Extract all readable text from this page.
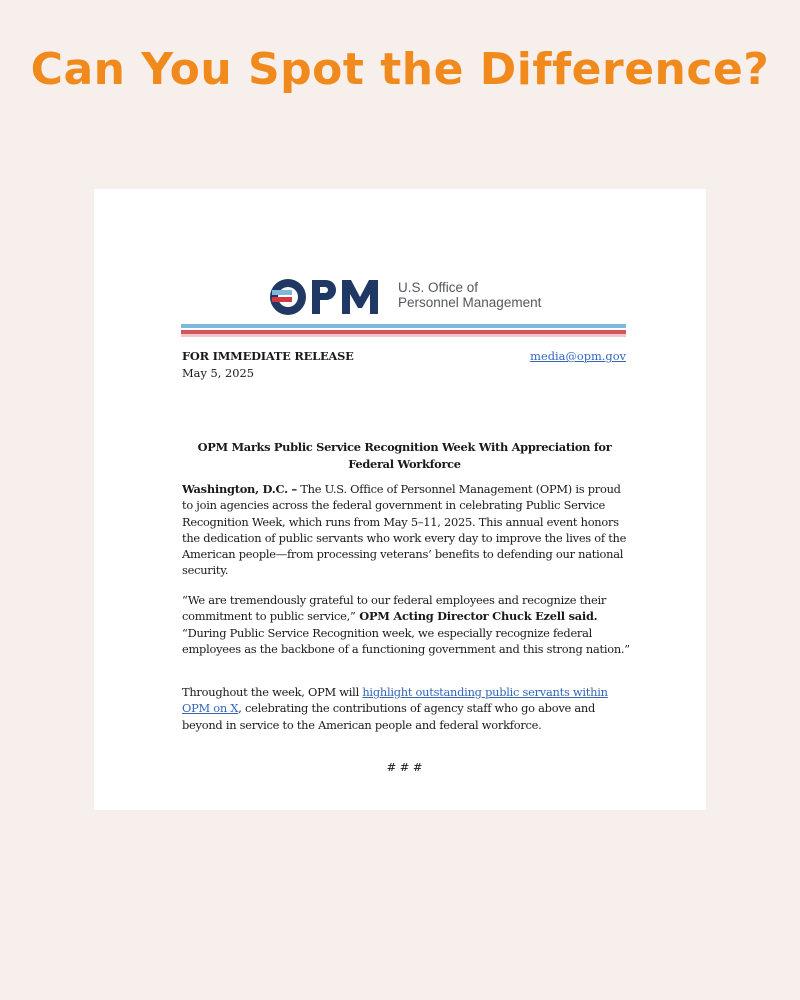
Can You Spot the Difference?
U.S. Office of
Personnel Management
FOR IMMEDIATE RELEASE
May 5, 2025
media@opm.gov
OPM Marks Public Service Recognition Week With Appreciation for Federal Workforce

Washington, D.C. – The U.S. Office of Personnel Management (OPM) is proud to join agencies across the federal government in celebrating Public Service Recognition Week, which runs from May 5–11, 2025. This annual event honors the dedication of public servants who work every day to improve the lives of the American people—from processing veterans’ benefits to defending our national security.

“We are tremendously grateful to our federal employees and recognize their commitment to public service,” OPM Acting Director Chuck Ezell said. “During Public Service Recognition week, we especially recognize federal employees as the backbone of a functioning government and this strong nation.”

Throughout the week, OPM will highlight outstanding public servants within OPM on X, celebrating the contributions of agency staff who go above and beyond in service to the American people and federal workforce.

# # #
